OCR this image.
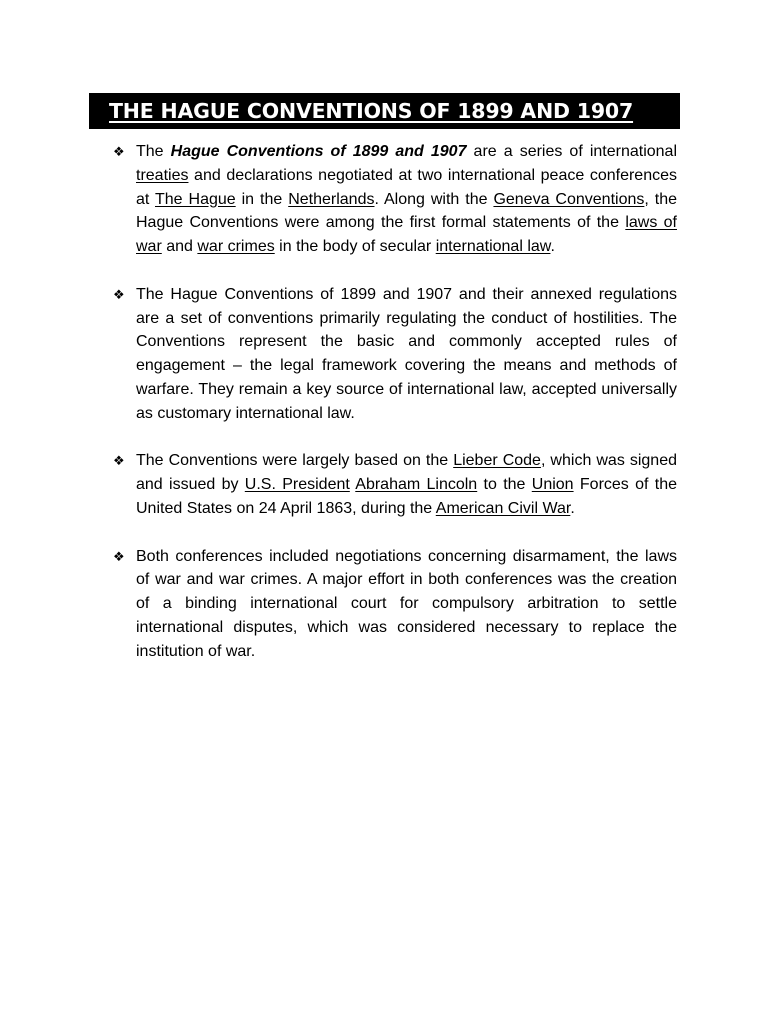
THE HAGUE CONVENTIONS OF 1899 AND 1907
❖ The Hague Conventions of 1899 and 1907 are a series of international treaties and declarations negotiated at two international peace conferences at The Hague in the Netherlands. Along with the Geneva Conventions, the Hague Conventions were among the first formal statements of the laws of war and war crimes in the body of secular international law.
❖ The Hague Conventions of 1899 and 1907 and their annexed regulations are a set of conventions primarily regulating the conduct of hostilities. The Conventions represent the basic and commonly accepted rules of engagement – the legal framework covering the means and methods of warfare. They remain a key source of international law, accepted universally as customary international law.
❖ The Conventions were largely based on the Lieber Code, which was signed and issued by U.S. President Abraham Lincoln to the Union Forces of the United States on 24 April 1863, during the American Civil War.
❖ Both conferences included negotiations concerning disarmament, the laws of war and war crimes. A major effort in both conferences was the creation of a binding international court for compulsory arbitration to settle international disputes, which was considered necessary to replace the institution of war.
